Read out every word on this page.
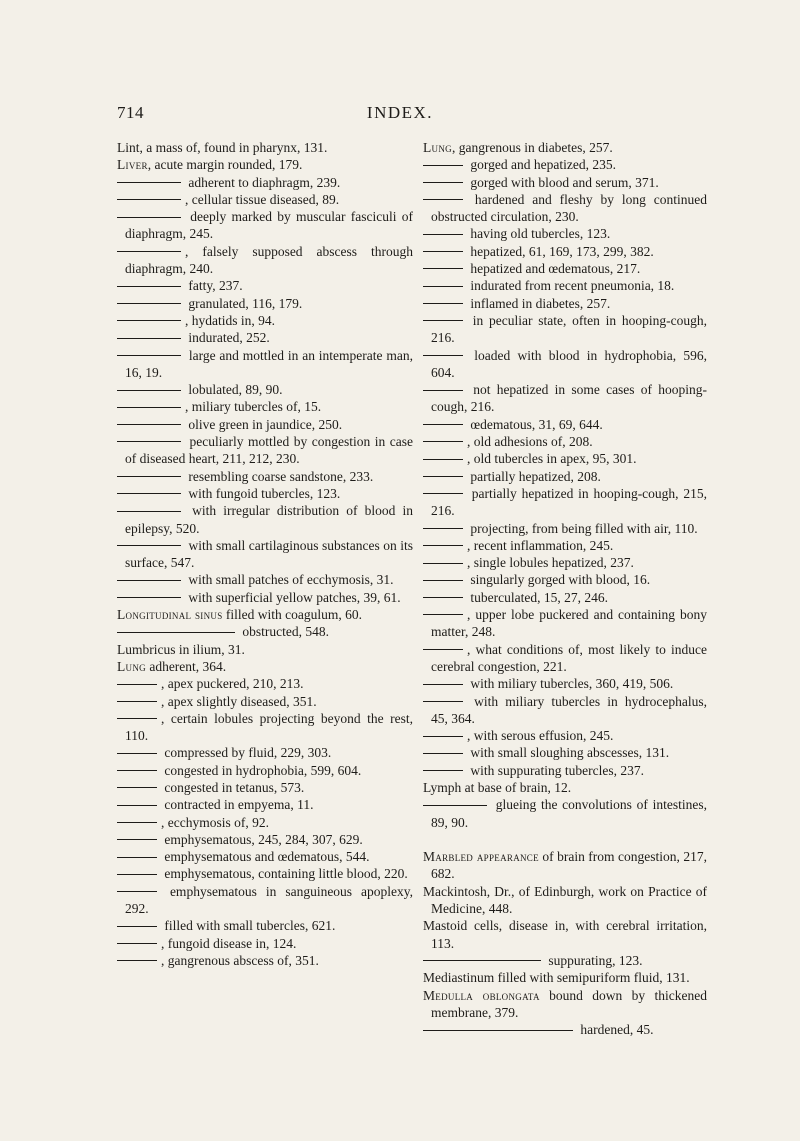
714	INDEX.

Lint, a mass of, found in pharynx, 131.

Liver, acute margin rounded, 179.

adherent to diaphragm, 239.

, cellular tissue diseased, 89.

deeply marked by muscular fasciculi of diaphragm, 245.

, falsely supposed abscess through diaphragm, 240.

fatty, 237.

granulated, 116, 179.

, hydatids in, 94.

indurated, 252.

large and mottled in an intemperate man, 16, 19.

lobulated, 89, 90.

, miliary tubercles of, 15.

olive green in jaundice, 250.

peculiarly mottled by congestion in case of diseased heart, 211, 212, 230.

resembling coarse sandstone, 233.

with fungoid tubercles, 123.

with irregular distribution of blood in epilepsy, 520.

with small cartilaginous substances on its surface, 547.

with small patches of ecchymosis, 31.

with superficial yellow patches, 39, 61.

Longitudinal sinus filled with coagulum, 60.

obstructed, 548.

Lumbricus in ilium, 31.

Lung adherent, 364.

, apex puckered, 210, 213.

, apex slightly diseased, 351.

, certain lobules projecting beyond the rest, 110.

compressed by fluid, 229, 303.

congested in hydrophobia, 599, 604.

congested in tetanus, 573.

contracted in empyema, 11.

, ecchymosis of, 92.

emphysematous, 245, 284, 307, 629.

emphysematous and œdematous, 544.

emphysematous, containing little blood, 220.

emphysematous in sanguineous apoplexy, 292.

filled with small tubercles, 621.

, fungoid disease in, 124.

, gangrenous abscess of, 351.

Lung, gangrenous in diabetes, 257.

gorged and hepatized, 235.

gorged with blood and serum, 371.

hardened and fleshy by long continued obstructed circulation, 230.

having old tubercles, 123.

hepatized, 61, 169, 173, 299, 382.

hepatized and œdematous, 217.

indurated from recent pneumonia, 18.

inflamed in diabetes, 257.

in peculiar state, often in hooping-cough, 216.

loaded with blood in hydrophobia, 596, 604.

not hepatized in some cases of hooping-cough, 216.

œdematous, 31, 69, 644.

, old adhesions of, 208.

, old tubercles in apex, 95, 301.

partially hepatized, 208.

partially hepatized in hooping-cough, 215, 216.

projecting, from being filled with air, 110.

, recent inflammation, 245.

, single lobules hepatized, 237.

singularly gorged with blood, 16.

tuberculated, 15, 27, 246.

, upper lobe puckered and containing bony matter, 248.

, what conditions of, most likely to induce cerebral congestion, 221.

with miliary tubercles, 360, 419, 506.

with miliary tubercles in hydrocephalus, 45, 364.

, with serous effusion, 245.

with small sloughing abscesses, 131.

with suppurating tubercles, 237.

Lymph at base of brain, 12.

glueing the convolutions of intestines, 89, 90.

Marbled appearance of brain from congestion, 217, 682.

Mackintosh, Dr., of Edinburgh, work on Practice of Medicine, 448.

Mastoid cells, disease in, with cerebral irritation, 113.

suppurating, 123.

Mediastinum filled with semipuriform fluid, 131.

Medulla oblongata bound down by thickened membrane, 379.

hardened, 45.
